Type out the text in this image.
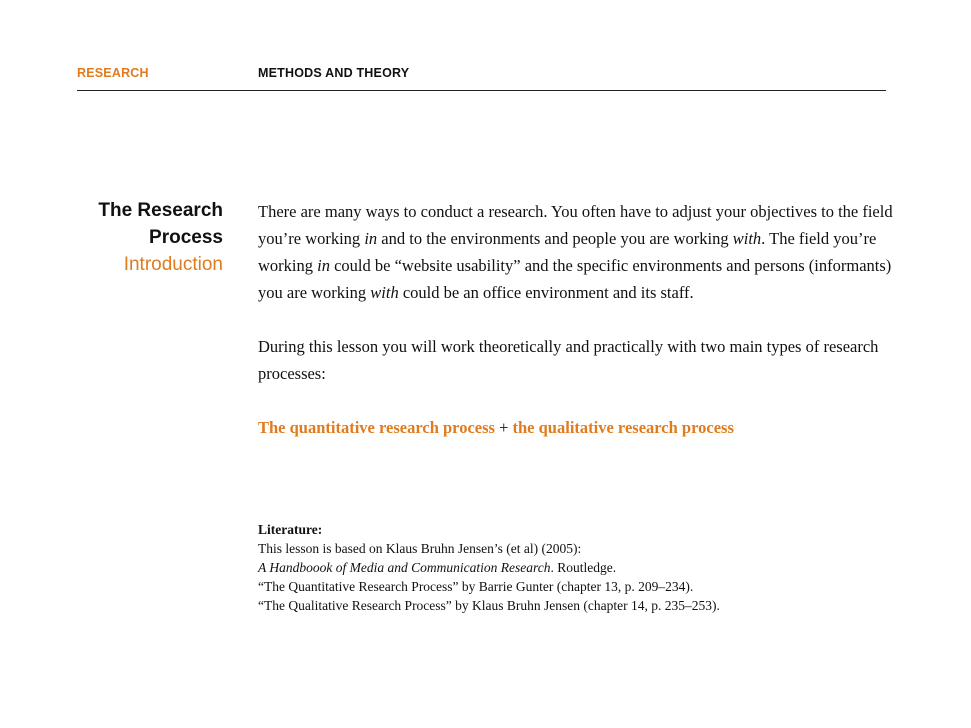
RESEARCH	METHODS AND THEORY
The Research
Process
Introduction

There are many ways to conduct a research. You often have to adjust your objectives to the field you’re working in and to the environments and people you are working with. The field you’re working in could be “website usability” and the specific environments and persons (informants) you are working with could be an office environment and its staff.

During this lesson you will work theoretically and practically with two main types of research processes:

The quantitative research process + the qualitative research process

Literature:
This lesson is based on Klaus Bruhn Jensen’s (et al) (2005):
A Handboook of Media and Communication Research. Routledge.
“The Quantitative Research Process” by Barrie Gunter (chapter 13, p. 209–234).
“The Qualitative Research Process” by Klaus Bruhn Jensen (chapter 14, p. 235–253).
